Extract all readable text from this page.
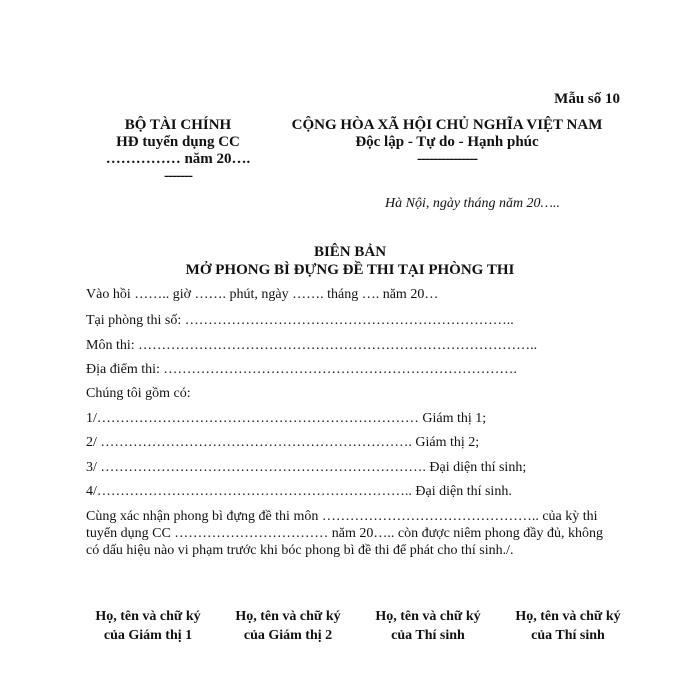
Mẫu số 10
BỘ TÀI CHÍNH
HĐ tuyển dụng CC
…………… năm 20….
-------
CỘNG HÒA XÃ HỘI CHỦ NGHĨA VIỆT NAM
Độc lập - Tự do - Hạnh phúc
---------------
Hà Nội, ngày tháng năm 20…..
BIÊN BẢN
MỞ PHONG BÌ ĐỰNG ĐỀ THI TẠI PHÒNG THI
Vào hồi …….. giờ ……. phút, ngày ……. tháng …. năm 20…
Tại phòng thi số: ……………………………………………………………..
Môn thi: …………………………………………………………………………..
Địa điểm thi: ………………………………………………………………….
Chúng tôi gồm có:
1/…………………………………………………………… Giám thị 1;
2/ …………………………………………………………. Giám thị 2;
3/ ……………………………………………………………. Đại diện thí sinh;
4/………………………………………………………….. Đại diện thí sinh.
Cùng xác nhận phong bì đựng đề thi môn ……………………………………….. của kỳ thi tuyển dụng CC …………………………… năm 20….. còn được niêm phong đầy đủ, không có dấu hiệu nào vi phạm trước khi bóc phong bì đề thi để phát cho thí sinh./.
Họ, tên và chữ ký
của Giám thị 1
Họ, tên và chữ ký
của Giám thị 2
Họ, tên và chữ ký
của Thí sinh
Họ, tên và chữ ký
của Thí sinh
